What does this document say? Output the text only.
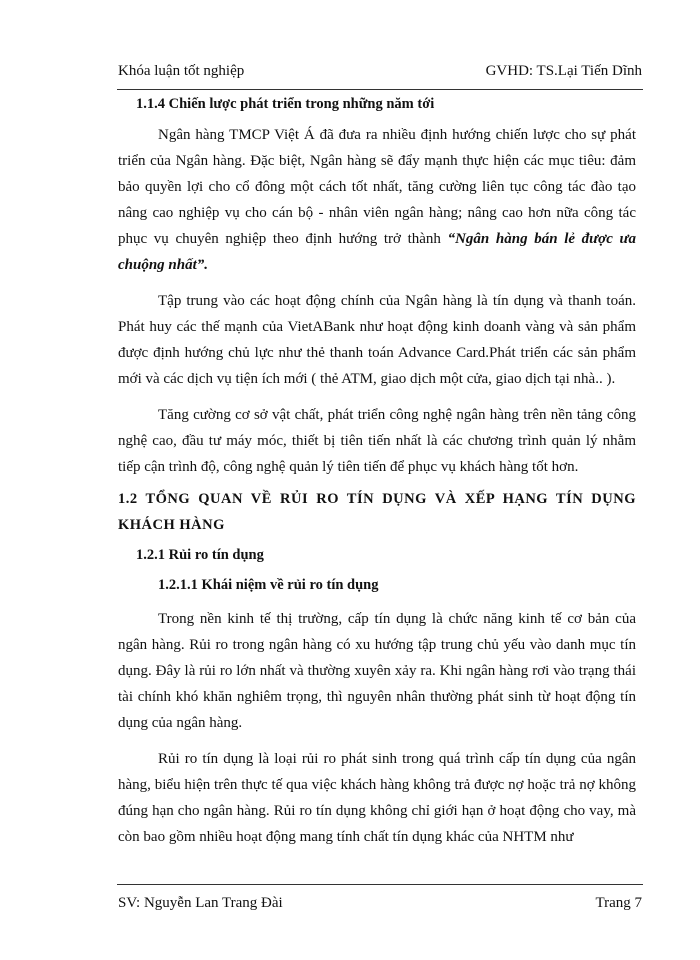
Khóa luận tốt nghiệp	GVHD: TS.Lại Tiến Dĩnh
1.1.4 Chiến lược phát triển trong những năm tới

Ngân hàng TMCP Việt Á đã đưa ra nhiều định hướng chiến lược cho sự phát triển của Ngân hàng. Đặc biệt, Ngân hàng sẽ đẩy mạnh thực hiện các mục tiêu: đảm bảo quyền lợi cho cổ đông một cách tốt nhất, tăng cường liên tục công tác đào tạo nâng cao nghiệp vụ cho cán bộ - nhân viên ngân hàng; nâng cao hơn nữa công tác phục vụ chuyên nghiệp theo định hướng trở thành “Ngân hàng bán lẻ được ưa chuộng nhất”.

Tập trung vào các hoạt động chính của Ngân hàng là tín dụng và thanh toán. Phát huy các thế mạnh của VietABank như hoạt động kinh doanh vàng và sản phẩm được định hướng chủ lực như thẻ thanh toán Advance Card.Phát triển các sản phẩm mới và các dịch vụ tiện ích mới ( thẻ ATM, giao dịch một cửa, giao dịch tại nhà.. ).

Tăng cường cơ sở vật chất, phát triển công nghệ ngân hàng trên nền tảng công nghệ cao, đầu tư máy móc, thiết bị tiên tiến nhất là các chương trình quản lý nhằm tiếp cận trình độ, công nghệ quản lý tiên tiến để phục vụ khách hàng tốt hơn.

1.2 TỔNG QUAN VỀ RỦI RO TÍN DỤNG VÀ XẾP HẠNG TÍN DỤNG KHÁCH HÀNG
1.2.1 Rủi ro tín dụng
1.2.1.1 Khái niệm về rủi ro tín dụng

Trong nền kinh tế thị trường, cấp tín dụng là chức năng kinh tế cơ bản của ngân hàng. Rủi ro trong ngân hàng có xu hướng tập trung chủ yếu vào danh mục tín dụng. Đây là rủi ro lớn nhất và thường xuyên xảy ra. Khi ngân hàng rơi vào trạng thái tài chính khó khăn nghiêm trọng, thì nguyên nhân thường phát sinh từ hoạt động tín dụng của ngân hàng.

Rủi ro tín dụng là loại rủi ro phát sinh trong quá trình cấp tín dụng của ngân hàng, biểu hiện trên thực tế qua việc khách hàng không trả được nợ hoặc trả nợ không đúng hạn cho ngân hàng. Rủi ro tín dụng không chỉ giới hạn ở hoạt động cho vay, mà còn bao gồm nhiều hoạt động mang tính chất tín dụng khác của NHTM như

SV: Nguyễn Lan Trang Đài	Trang 7
